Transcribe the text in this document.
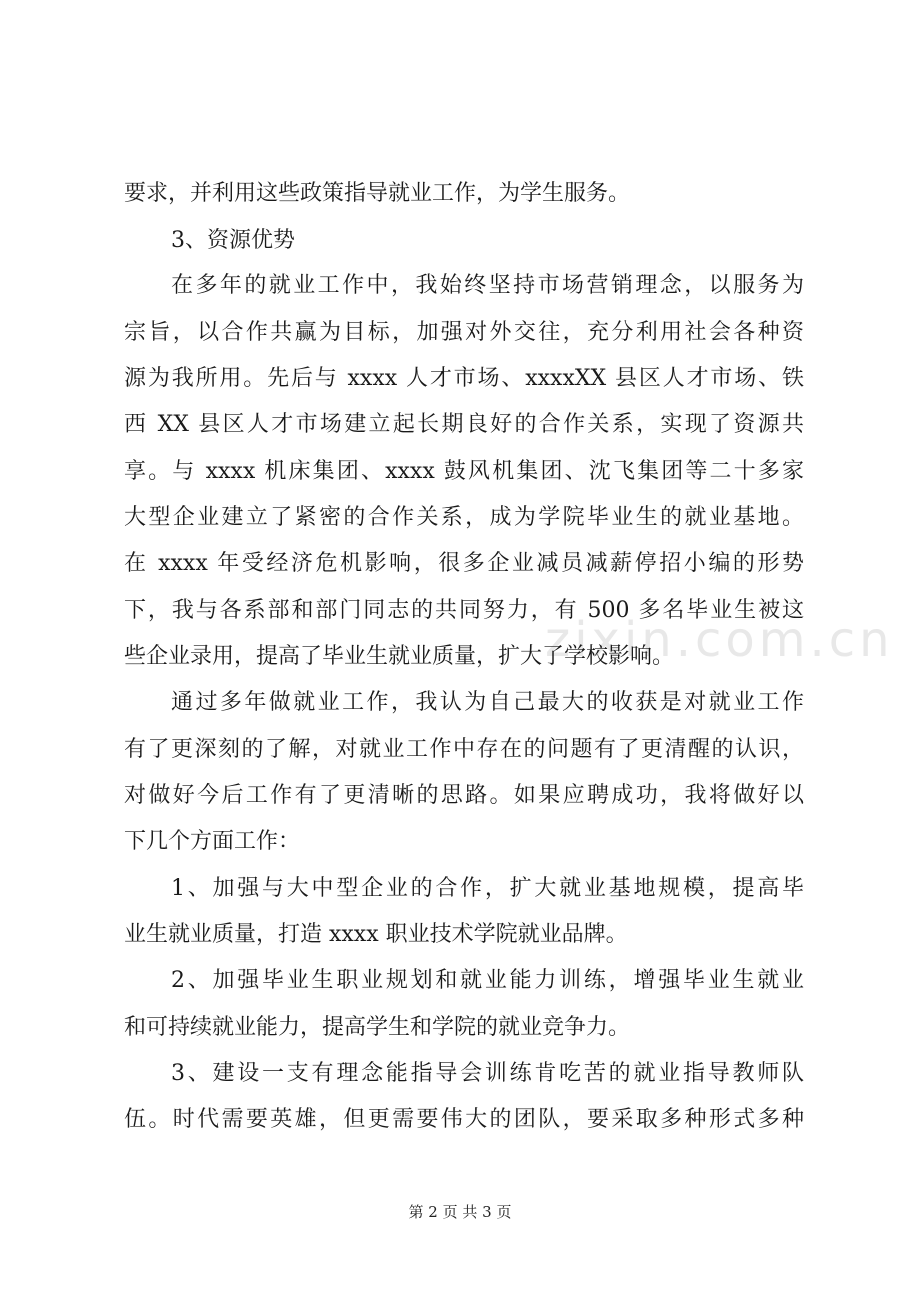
zixin.com.cn
要求，并利用这些政策指导就业工作，为学生服务。
3、资源优势
在多年的就业工作中，我始终坚持市场营销理念，以服务为
宗旨，以合作共赢为目标，加强对外交往，充分利用社会各种资
源为我所用。先后与 xxxx 人才市场、xxxxXX 县区人才市场、铁
西 XX 县区人才市场建立起长期良好的合作关系，实现了资源共
享。与 xxxx 机床集团、xxxx 鼓风机集团、沈飞集团等二十多家
大型企业建立了紧密的合作关系，成为学院毕业生的就业基地。
在 xxxx 年受经济危机影响，很多企业减员减薪停招小编的形势
下，我与各系部和部门同志的共同努力，有 500 多名毕业生被这
些企业录用，提高了毕业生就业质量，扩大了学校影响。
通过多年做就业工作，我认为自己最大的收获是对就业工作
有了更深刻的了解，对就业工作中存在的问题有了更清醒的认识，
对做好今后工作有了更清晰的思路。如果应聘成功，我将做好以
下几个方面工作：
1、加强与大中型企业的合作，扩大就业基地规模，提高毕
业生就业质量，打造 xxxx 职业技术学院就业品牌。
2、加强毕业生职业规划和就业能力训练，增强毕业生就业
和可持续就业能力，提高学生和学院的就业竞争力。
3、建设一支有理念能指导会训练肯吃苦的就业指导教师队
伍。时代需要英雄，但更需要伟大的团队，要采取多种形式多种
第 2 页 共 3 页
